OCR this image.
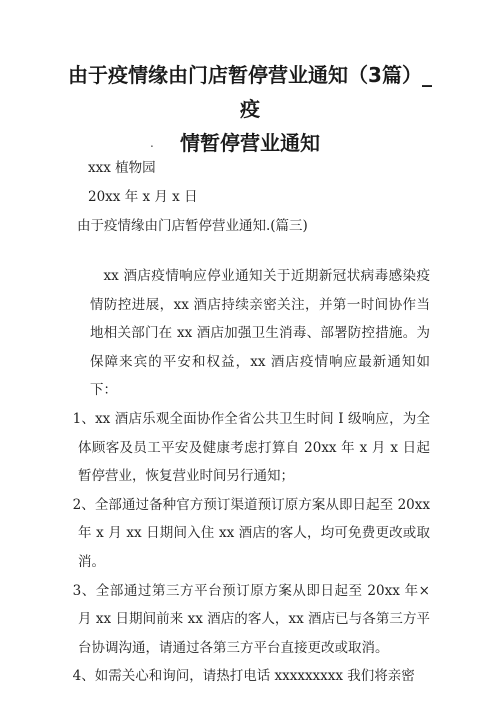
由于疫情缘由门店暂停营业通知（3篇）_疫
情暂停营业通知
.
xxx 植物园
20xx 年 x 月 x 日
由于疫情缘由门店暂停营业通知.(篇三)

xx 酒店疫情响应停业通知关于近期新冠状病毒感染疫情防控进展，xx 酒店持续亲密关注，并第一时间协作当地相关部门在 xx 酒店加强卫生消毒、部署防控措施。为保障来宾的平安和权益，xx 酒店疫情响应最新通知如下：

1、xx 酒店乐观全面协作全省公共卫生时间 I 级响应，为全体顾客及员工平安及健康考虑打算自 20xx 年 x 月 x 日起暂停营业，恢复营业时间另行通知；

2、全部通过备种官方预订渠道预订原方案从即日起至 20xx 年 x 月 xx 日期间入住 xx 酒店的客人，均可免费更改或取消。

3、全部通过第三方平台预订原方案从即日起至 20xx 年×月 xx 日期间前来 xx 酒店的客人，xx 酒店已与各第三方平台协调沟通，请通过各第三方平台直接更改或取消。

4、如需关心和询问，请热打电话 xxxxxxxxx 我们将亲密
